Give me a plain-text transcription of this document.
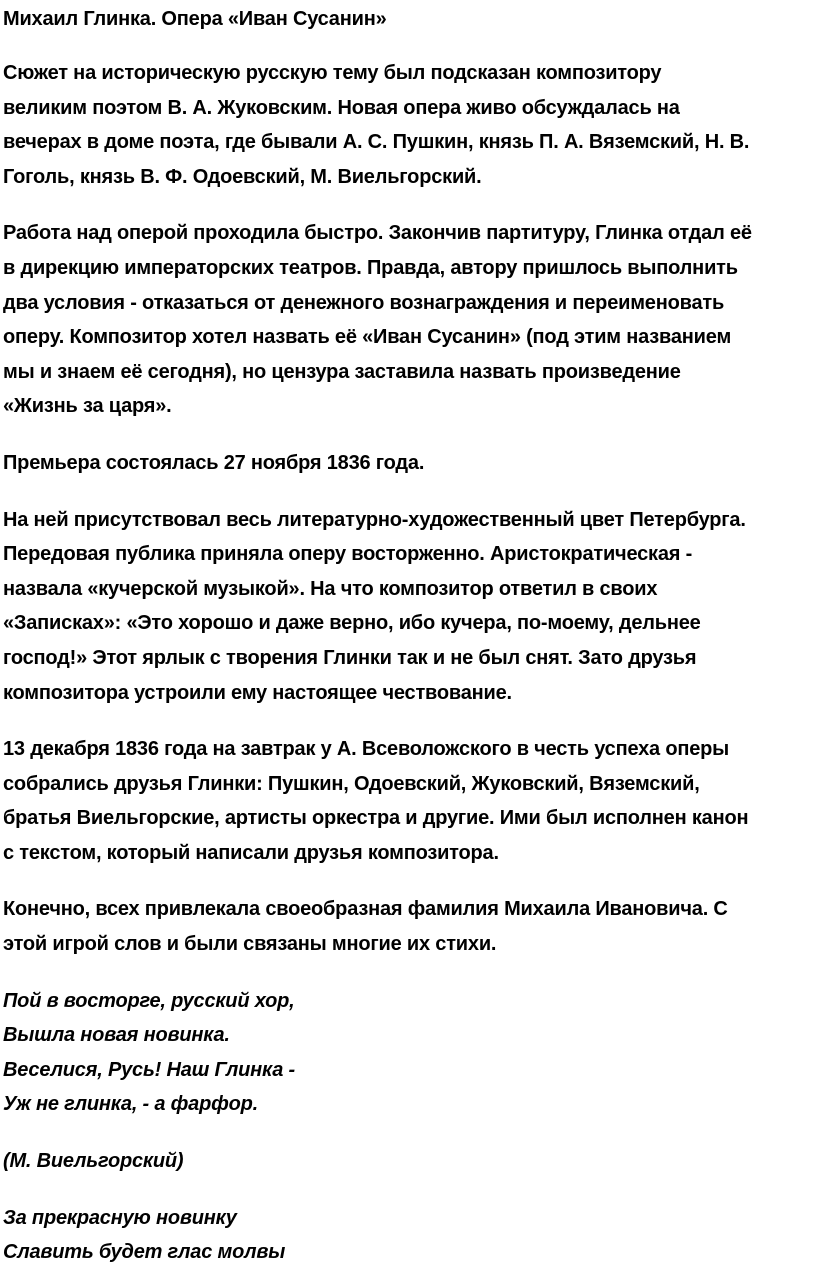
Михаил Глинка. Опера «Иван Сусанин»

Сюжет на историческую русскую тему был подсказан композитору
великим поэтом В. А. Жуковским. Новая опера живо обсуждалась на
вечерах в доме поэта, где бывали А. С. Пушкин, князь П. А. Вяземский, Н. В.
Гоголь, князь В. Ф. Одоевский, М. Виельгорский.

Работа над оперой проходила быстро. Закончив партитуру, Глинка отдал её
в дирекцию императорских театров. Правда, автору пришлось выполнить
два условия - отказаться от денежного вознаграждения и переименовать
оперу. Композитор хотел назвать её «Иван Сусанин» (под этим названием
мы и знаем её сегодня), но цензура заставила назвать произведение
«Жизнь за царя».

Премьера состоялась 27 ноября 1836 года.

На ней присутствовал весь литературно-художественный цвет Петербурга.
Передовая публика приняла оперу восторженно. Аристократическая -
назвала «кучерской музыкой». На что композитор ответил в своих
«Записках»: «Это хорошо и даже верно, ибо кучера, по-моему, дельнее
господ!» Этот ярлык с творения Глинки так и не был снят. Зато друзья
композитора устроили ему настоящее чествование.

13 декабря 1836 года на завтрак у А. Всеволожского в честь успеха оперы
собрались друзья Глинки: Пушкин, Одоевский, Жуковский, Вяземский,
братья Виельгорские, артисты оркестра и другие. Ими был исполнен канон
с текстом, который написали друзья композитора.

Конечно, всех привлекала своеобразная фамилия Михаила Ивановича. С
этой игрой слов и были связаны многие их стихи.

Пой в восторге, русский хор,
Вышла новая новинка.
Веселися, Русь! Наш Глинка -
Уж не глинка, - а фарфор.

(М. Виельгорский)

За прекрасную новинку
Славить будет глас молвы
